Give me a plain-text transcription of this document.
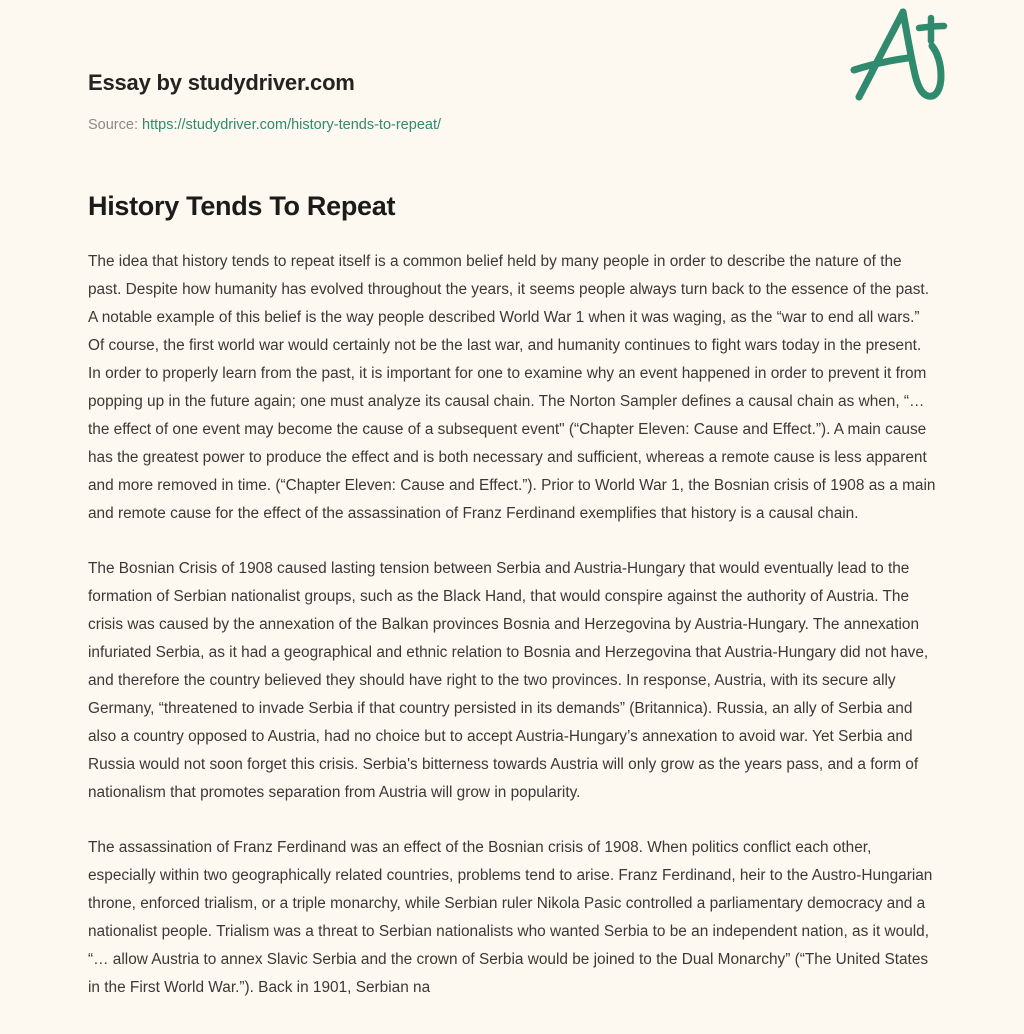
Essay by studydriver.com
Source: https://studydriver.com/history-tends-to-repeat/
History Tends To Repeat

The idea that history tends to repeat itself is a common belief held by many people in order to describe the nature of the past. Despite how humanity has evolved throughout the years, it seems people always turn back to the essence of the past. A notable example of this belief is the way people described World War 1 when it was waging, as the “war to end all wars.” Of course, the first world war would certainly not be the last war, and humanity continues to fight wars today in the present. In order to properly learn from the past, it is important for one to examine why an event happened in order to prevent it from popping up in the future again; one must analyze its causal chain. The Norton Sampler defines a causal chain as when, “… the effect of one event may become the cause of a subsequent event" (“Chapter Eleven: Cause and Effect.”). A main cause has the greatest power to produce the effect and is both necessary and sufficient, whereas a remote cause is less apparent and more removed in time. (“Chapter Eleven: Cause and Effect.”). Prior to World War 1, the Bosnian crisis of 1908 as a main and remote cause for the effect of the assassination of Franz Ferdinand exemplifies that history is a causal chain.

The Bosnian Crisis of 1908 caused lasting tension between Serbia and Austria-Hungary that would eventually lead to the formation of Serbian nationalist groups, such as the Black Hand, that would conspire against the authority of Austria. The crisis was caused by the annexation of the Balkan provinces Bosnia and Herzegovina by Austria-Hungary. The annexation infuriated Serbia, as it had a geographical and ethnic relation to Bosnia and Herzegovina that Austria-Hungary did not have, and therefore the country believed they should have right to the two provinces. In response, Austria, with its secure ally Germany, “threatened to invade Serbia if that country persisted in its demands” (Britannica). Russia, an ally of Serbia and also a country opposed to Austria, had no choice but to accept Austria-Hungary’s annexation to avoid war. Yet Serbia and Russia would not soon forget this crisis. Serbia's bitterness towards Austria will only grow as the years pass, and a form of nationalism that promotes separation from Austria will grow in popularity.

The assassination of Franz Ferdinand was an effect of the Bosnian crisis of 1908. When politics conflict each other, especially within two geographically related countries, problems tend to arise. Franz Ferdinand, heir to the Austro-Hungarian throne, enforced trialism, or a triple monarchy, while Serbian ruler Nikola Pasic controlled a parliamentary democracy and a nationalist people. Trialism was a threat to Serbian nationalists who wanted Serbia to be an independent nation, as it would, “… allow Austria to annex Slavic Serbia and the crown of Serbia would be joined to the Dual Monarchy” (“The United States in the First World War.”). Back in 1901, Serbian na
